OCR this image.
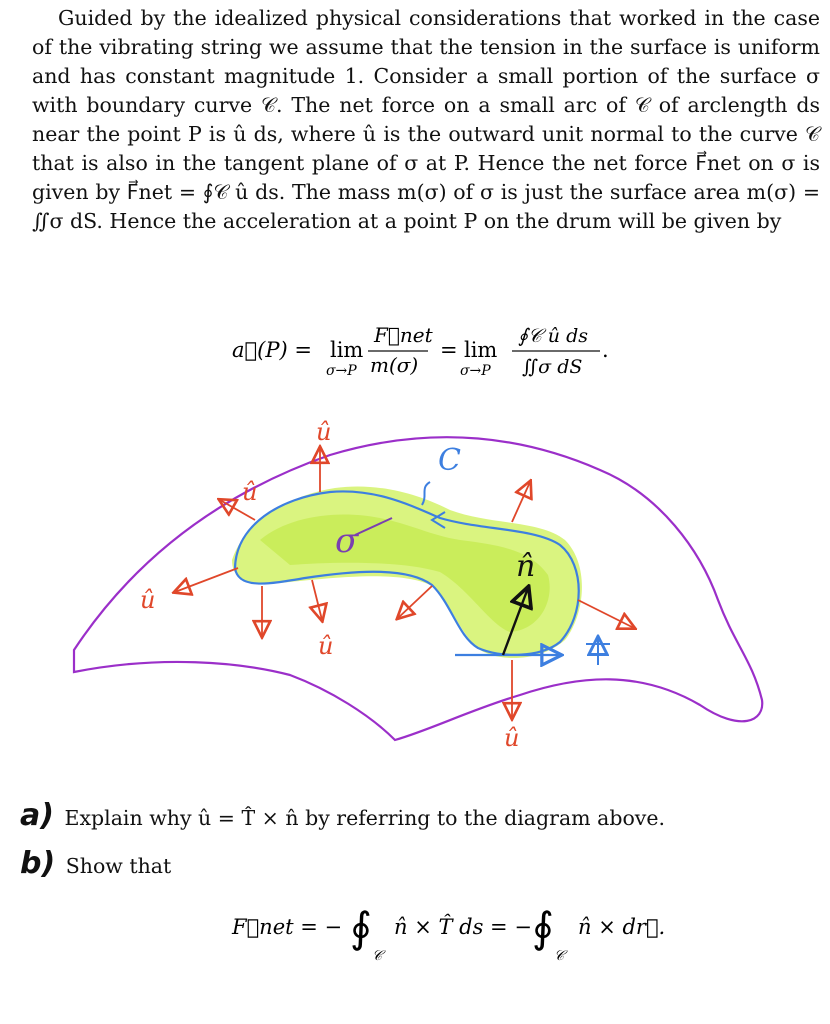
Guided by the idealized physical considerations that worked in the case of the vibrating string we assume that the tension in the surface is uniform and has constant magnitude 1. Consider a small portion of the surface σ with boundary curve 𝒞. The net force on a small arc of 𝒞 of arclength ds near the point P is û ds, where û is the outward unit normal to the curve 𝒞 that is also in the tangent plane of σ at P. Hence the net force F⃗net on σ is given by F⃗net = ∮𝒞 û ds. The mass m(σ) of σ is just the surface area m(σ) = ∬σ dS. Hence the acceleration at a point P on the drum will be given by

a⃗(P) = lim
σ→P
F⃗net
m(σ)
= lim
σ→P
∮𝒞 û ds
∬σ dS
.
C
σ
n̂
û
û
û
û
û
a) Explain why û = T̂ × n̂ by referring to the diagram above.
b) Show that
F⃗net = − ∮
𝒞
n̂ × T̂ ds = − ∮
𝒞
n̂ × dr⃗.
